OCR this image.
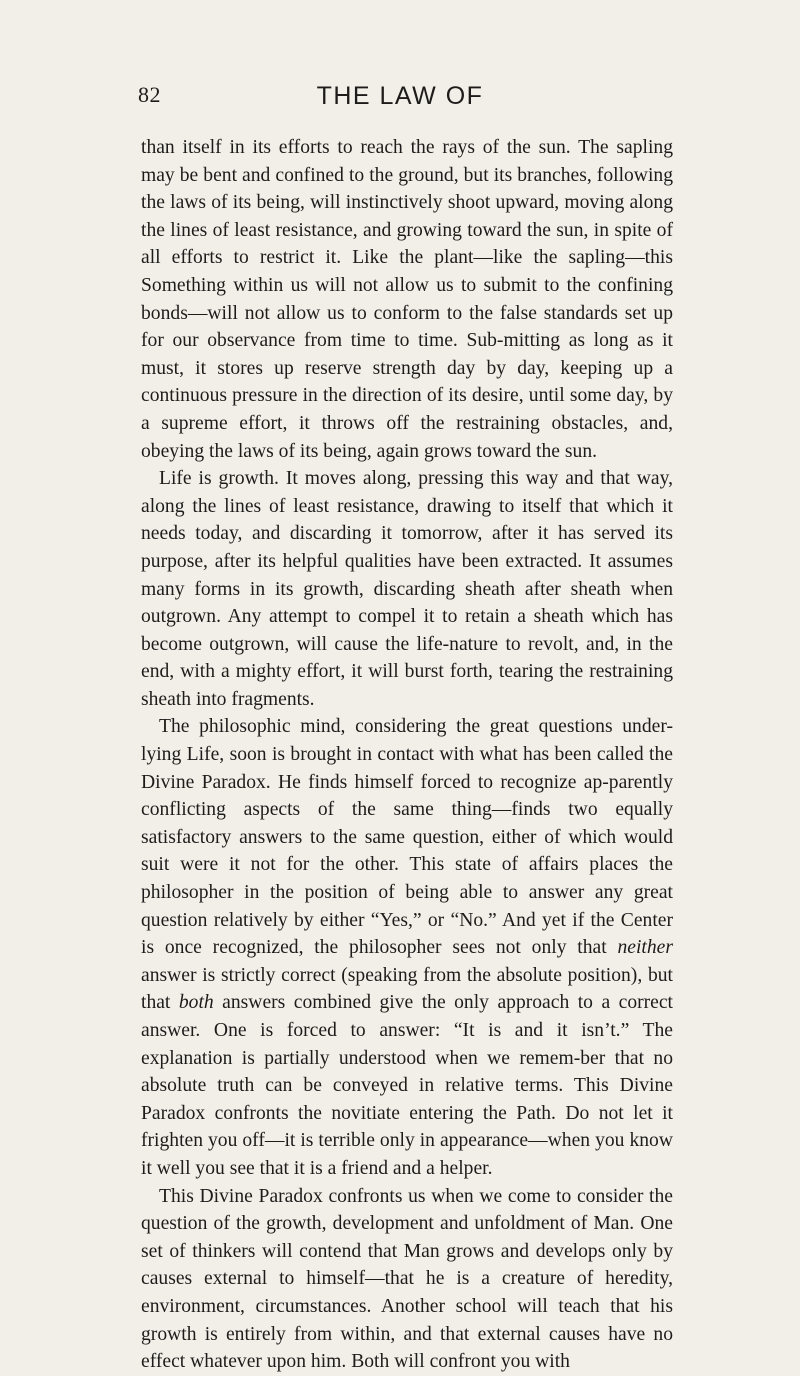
82	THE LAW OF

than itself in its efforts to reach the rays of the sun. The sapling may be bent and confined to the ground, but its branches, following the laws of its being, will instinctively shoot upward, moving along the lines of least resistance, and growing toward the sun, in spite of all efforts to restrict it. Like the plant—like the sapling—this Something within us will not allow us to submit to the confining bonds—will not allow us to conform to the false standards set up for our observance from time to time. Sub-mitting as long as it must, it stores up reserve strength day by day, keeping up a continuous pressure in the direction of its desire, until some day, by a supreme effort, it throws off the restraining obstacles, and, obeying the laws of its being, again grows toward the sun.

Life is growth. It moves along, pressing this way and that way, along the lines of least resistance, drawing to itself that which it needs today, and discarding it tomorrow, after it has served its purpose, after its helpful qualities have been extracted. It assumes many forms in its growth, discarding sheath after sheath when outgrown. Any attempt to compel it to retain a sheath which has become outgrown, will cause the life-nature to revolt, and, in the end, with a mighty effort, it will burst forth, tearing the restraining sheath into fragments.

The philosophic mind, considering the great questions under-lying Life, soon is brought in contact with what has been called the Divine Paradox. He finds himself forced to recognize ap-parently conflicting aspects of the same thing—finds two equally satisfactory answers to the same question, either of which would suit were it not for the other. This state of affairs places the philosopher in the position of being able to answer any great question relatively by either “Yes,” or “No.” And yet if the Center is once recognized, the philosopher sees not only that neither answer is strictly correct (speaking from the absolute position), but that both answers combined give the only approach to a correct answer. One is forced to answer: “It is and it isn’t.” The explanation is partially understood when we remem-ber that no absolute truth can be conveyed in relative terms. This Divine Paradox confronts the novitiate entering the Path. Do not let it frighten you off—it is terrible only in appearance—when you know it well you see that it is a friend and a helper.

This Divine Paradox confronts us when we come to consider the question of the growth, development and unfoldment of Man. One set of thinkers will contend that Man grows and develops only by causes external to himself—that he is a creature of heredity, environment, circumstances. Another school will teach that his growth is entirely from within, and that external causes have no effect whatever upon him. Both will confront you with
